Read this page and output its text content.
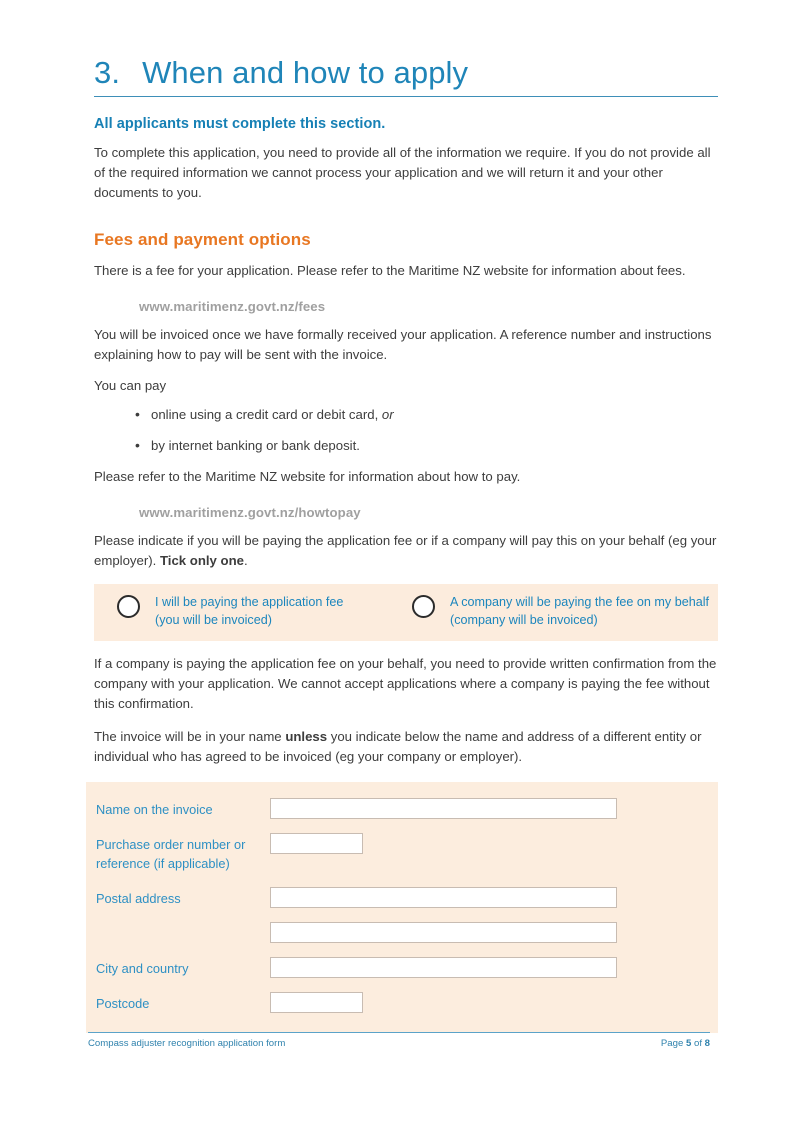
3. When and how to apply
All applicants must complete this section.

To complete this application, you need to provide all of the information we require. If you do not provide all of the required information we cannot process your application and we will return it and your other documents to you.

Fees and payment options

There is a fee for your application. Please refer to the Maritime NZ website for information about fees.

www.maritimenz.govt.nz/fees

You will be invoiced once we have formally received your application. A reference number and instructions explaining how to pay will be sent with the invoice.

You can pay

• online using a credit card or debit card, or
• by internet banking or bank deposit.

Please refer to the Maritime NZ website for information about how to pay.

www.maritimenz.govt.nz/howtopay

Please indicate if you will be paying the application fee or if a company will pay this on your behalf (eg your employer). Tick only one.

I will be paying the application fee
(you will be invoiced)
A company will be paying the fee on my behalf
(company will be invoiced)

If a company is paying the application fee on your behalf, you need to provide written confirmation from the company with your application. We cannot accept applications where a company is paying the fee without this confirmation.

The invoice will be in your name unless you indicate below the name and address of a different entity or individual who has agreed to be invoiced (eg your company or employer).

Name on the invoice
Purchase order number or reference (if applicable)
Postal address
City and country
Postcode
Compass adjuster recognition application form	Page 5 of 8
